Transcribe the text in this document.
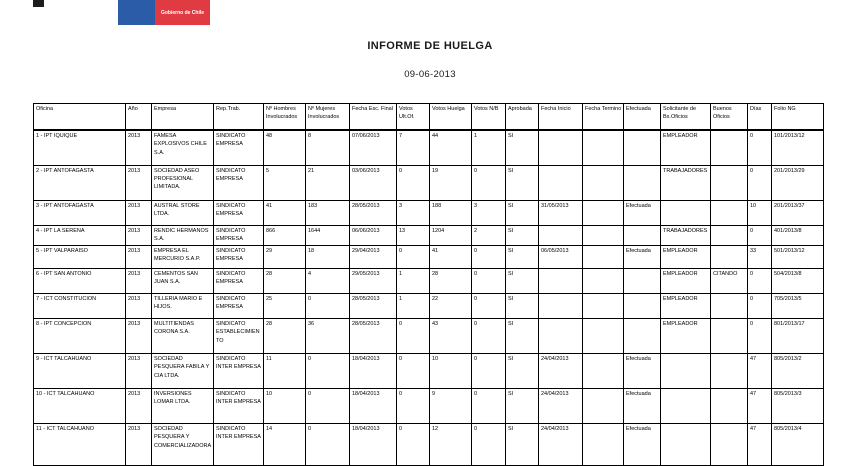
Gobierno de Chile
INFORME DE HUELGA
09-06-2013
Oficina	Año	Empresa	Rep.Trab.	Nº Hombres Involucrados	Nº Mujeres Involucrados	Fecha Esc. Final	Votos Ult.Of.	Votos Huelga	Votos N/B	Aprobada	Fecha Inicio	Fecha Termino	Efectuada	Solicitante de Bs.Oficios	Buenos Oficios	Días	Folio NG
1 - IPT IQUIQUE	2013	FAMESA EXPLOSIVOS CHILE S.A.	SINDICATO EMPRESA	48	8	07/06/2013	7	44	1	SI				EMPLEADOR		0	101/2013/12
2 - IPT ANTOFAGASTA	2013	SOCIEDAD ASEO PROFESIONAL LIMITADA.	SINDICATO EMPRESA	5	21	03/06/2013	0	19	0	SI				TRABAJADORES		0	201/2013/29
3 - IPT ANTOFAGASTA	2013	AUSTRAL STORE LTDA.	SINDICATO EMPRESA	41	183	28/05/2013	3	188	3	SI	31/05/2013		Efectuada			10	201/2013/37
4 - IPT LA SERENA	2013	RENDIC HERMANOS S.A.	SINDICATO EMPRESA	866	1644	06/06/2013	13	1204	2	SI				TRABAJADORES		0	401/2013/8
5 - IPT VALPARAISO	2013	EMPRESA EL MERCURIO S.A.P.	SINDICATO EMPRESA	29	18	29/04/2013	0	41	0	SI	06/05/2013		Efectuada	EMPLEADOR		33	501/2013/12
6 - IPT SAN ANTONIO	2013	CEMENTOS SAN JUAN S.A.	SINDICATO EMPRESA	28	4	29/05/2013	1	28	0	SI				EMPLEADOR	CITANDO	0	504/2013/8
7 - ICT CONSTITUCION	2013	TILLERIA MARIO E HIJOS.	SINDICATO EMPRESA	25	0	28/05/2013	1	22	0	SI				EMPLEADOR		0	705/2013/5
8 - IPT CONCEPCION	2013	MULTITIENDAS CORONA S.A.	SINDICATO ESTABLECIMIENTO	28	36	28/05/2013	0	43	0	SI				EMPLEADOR		0	801/2013/17
9 - ICT TALCAHUANO	2013	SOCIEDAD PESQUERA FABILA Y CIA LTDA.	SINDICATO INTER EMPRESA	11	0	18/04/2013	0	10	0	SI	24/04/2013		Efectuada			47	805/2013/2
10 - ICT TALCAHUANO	2013	INVERSIONES LOMAR LTDA.	SINDICATO INTER EMPRESA	10	0	18/04/2013	0	9	0	SI	24/04/2013		Efectuada			47	805/2013/3
11 - ICT TALCAHUANO	2013	SOCIEDAD PESQUERA Y COMERCIALIZADORA	SINDICATO INTER EMPRESA	14	0	18/04/2013	0	12	0	SI	24/04/2013		Efectuada			47	805/2013/4
